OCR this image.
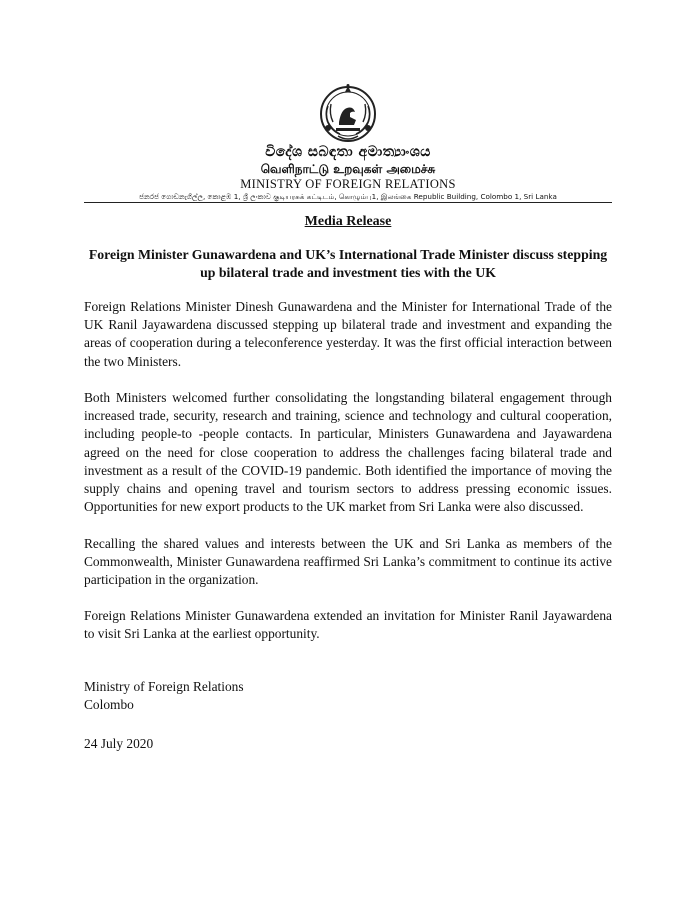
විදේශ සබඳතා අමාත්‍යාංශය
வெளிநாட்டு உறவுகள் அமைச்சு
MINISTRY OF FOREIGN RELATIONS
ජනරජ ගොඩනැගිල්ල, කොළඹ 1, ශ්‍රී ලංකාව குடியரசுக் கட்டிடம், கொழும்பு1, இலங்கை Republic Building, Colombo 1, Sri Lanka
Media Release
Foreign Minister Gunawardena and UK’s International Trade Minister discuss stepping up bilateral trade and investment ties with the UK
Foreign Relations Minister Dinesh Gunawardena and the Minister for International Trade of the UK Ranil Jayawardena discussed stepping up bilateral trade and investment and expanding the areas of cooperation during a teleconference yesterday. It was the first official interaction between the two Ministers.
Both Ministers welcomed further consolidating the longstanding bilateral engagement through increased trade, security, research and training, science and technology and cultural cooperation, including people-to -people contacts. In particular, Ministers Gunawardena and Jayawardena agreed on the need for close cooperation to address the challenges facing bilateral trade and investment as a result of the COVID-19 pandemic. Both identified the importance of moving the supply chains and opening travel and tourism sectors to address pressing economic issues. Opportunities for new export products to the UK market from Sri Lanka were also discussed.
Recalling the shared values and interests between the UK and Sri Lanka as members of the Commonwealth, Minister Gunawardena reaffirmed Sri Lanka’s commitment to continue its active participation in the organization.
Foreign Relations Minister Gunawardena extended an invitation for Minister Ranil Jayawardena to visit Sri Lanka at the earliest opportunity.
Ministry of Foreign Relations
Colombo
24 July 2020
